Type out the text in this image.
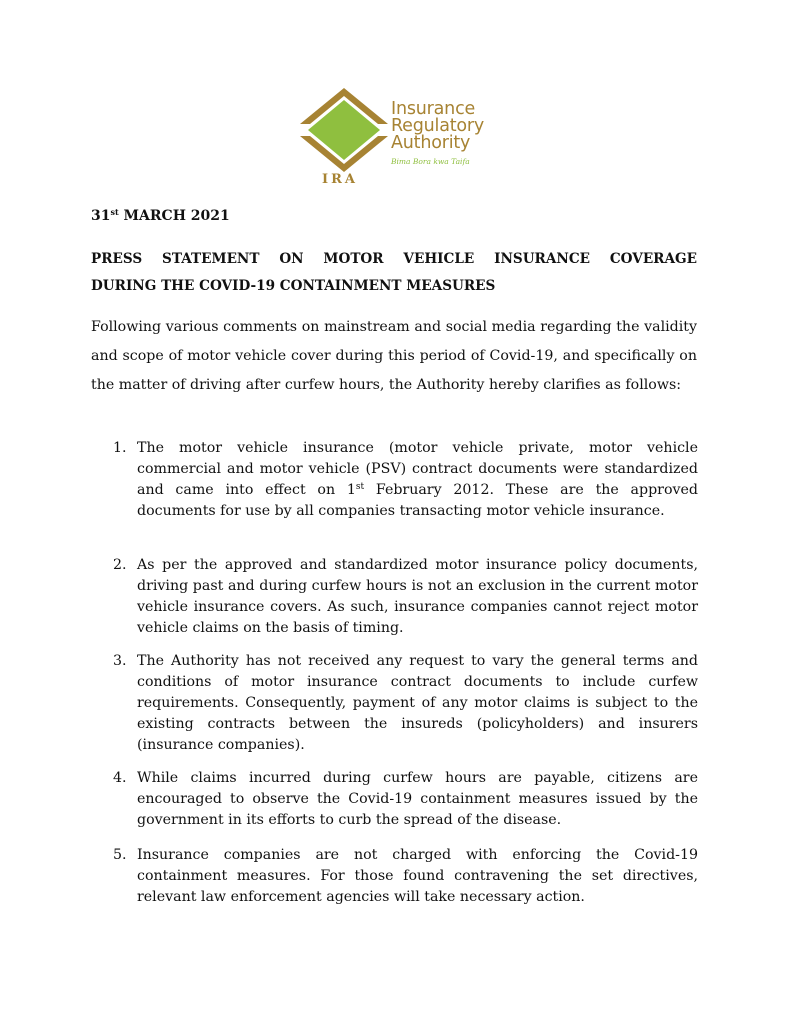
Insurance
Regulatory
Authority
Bima Bora kwa Taifa
IRA
31st MARCH 2021
PRESS STATEMENT ON MOTOR VEHICLE INSURANCE COVERAGE
DURING THE COVID-19 CONTAINMENT MEASURES

Following various comments on mainstream and social media regarding the validity and scope of motor vehicle cover during this period of Covid-19, and specifically on the matter of driving after curfew hours, the Authority hereby clarifies as follows:

1. The motor vehicle insurance (motor vehicle private, motor vehicle commercial and motor vehicle (PSV) contract documents were standardized and came into effect on 1st February 2012. These are the approved documents for use by all companies transacting motor vehicle insurance.
2. As per the approved and standardized motor insurance policy documents, driving past and during curfew hours is not an exclusion in the current motor vehicle insurance covers. As such, insurance companies cannot reject motor vehicle claims on the basis of timing.
3. The Authority has not received any request to vary the general terms and conditions of motor insurance contract documents to include curfew requirements. Consequently, payment of any motor claims is subject to the existing contracts between the insureds (policyholders) and insurers (insurance companies).
4. While claims incurred during curfew hours are payable, citizens are encouraged to observe the Covid-19 containment measures issued by the government in its efforts to curb the spread of the disease.
5. Insurance companies are not charged with enforcing the Covid-19 containment measures. For those found contravening the set directives, relevant law enforcement agencies will take necessary action.
